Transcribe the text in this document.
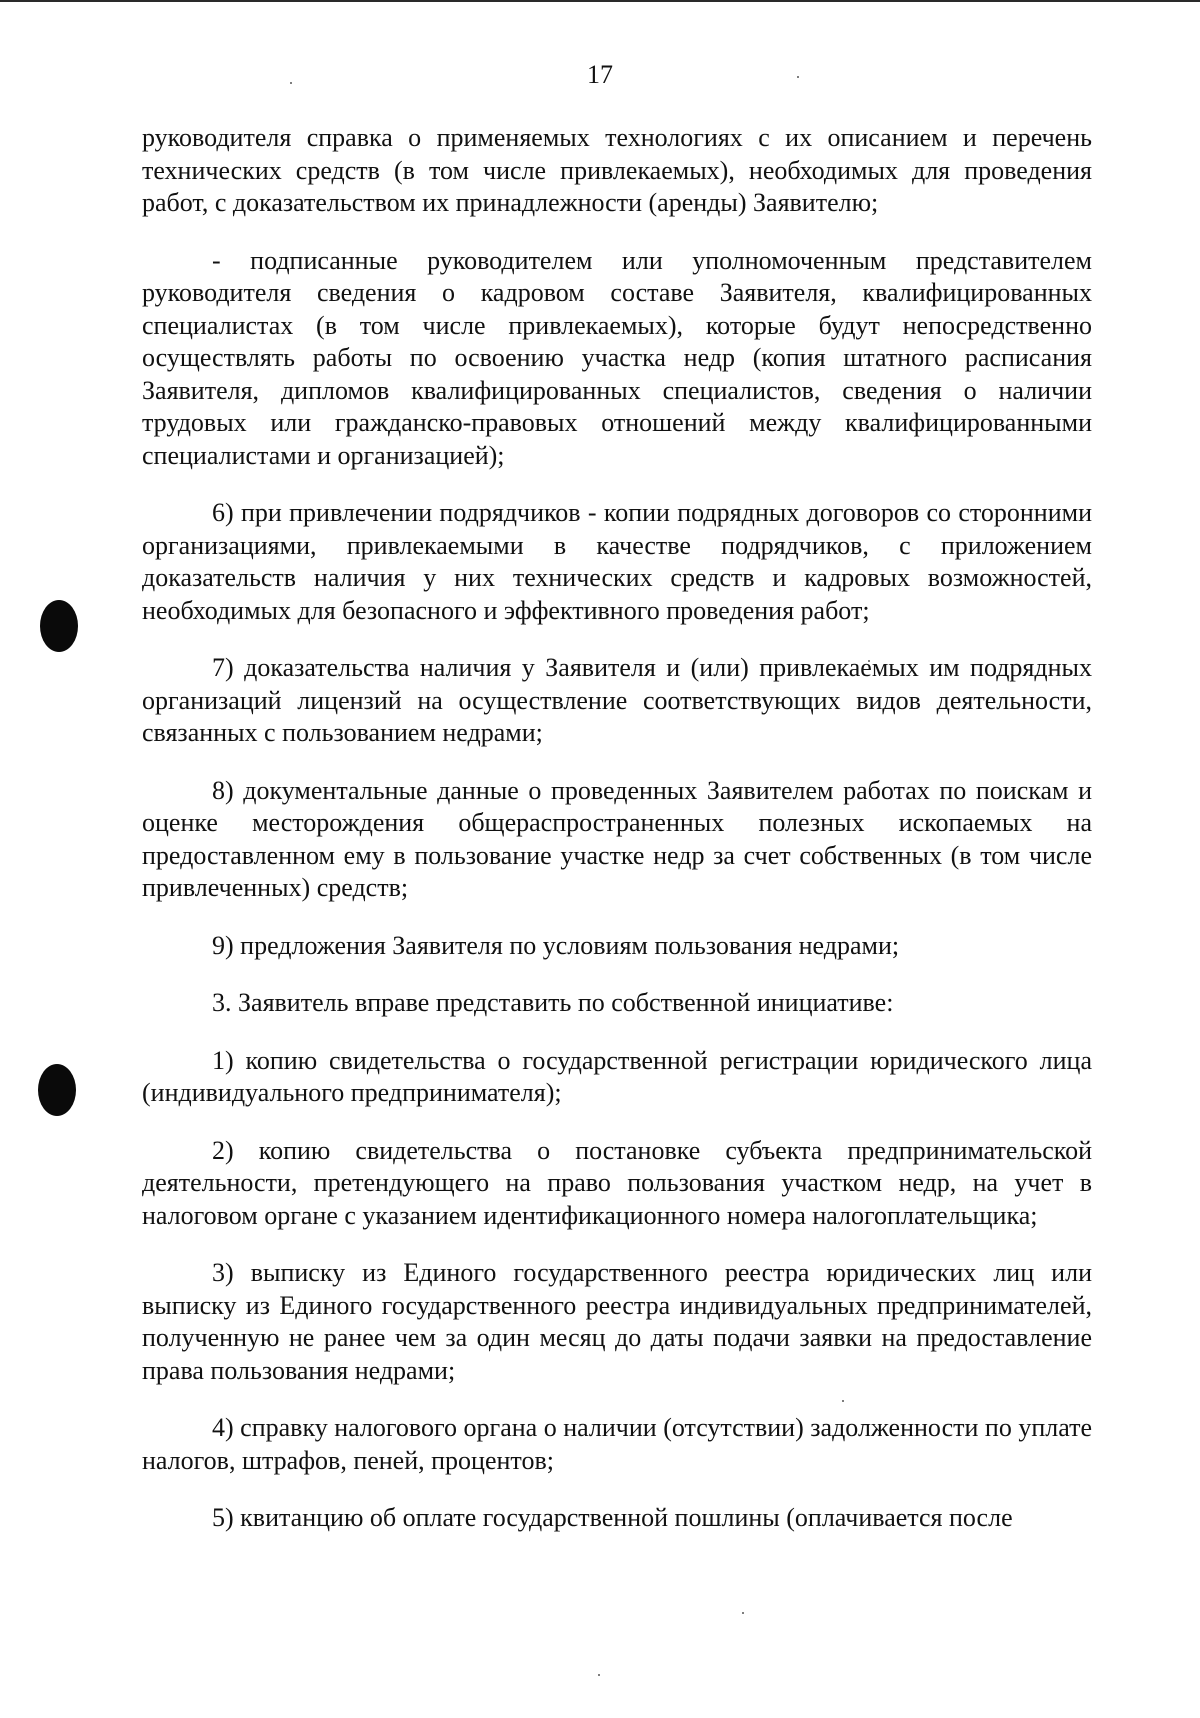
17

руководителя справка о применяемых технологиях с их описанием и перечень технических средств (в том числе привлекаемых), необходимых для проведения работ, с доказательством их принадлежности (аренды) Заявителю;

- подписанные руководителем или уполномоченным представителем руководителя сведения о кадровом составе Заявителя, квалифицированных специалистах (в том числе привлекаемых), которые будут непосредственно осуществлять работы по освоению участка недр (копия штатного расписания Заявителя, дипломов квалифицированных специалистов, сведения о наличии трудовых или гражданско-правовых отношений между квалифицированными специалистами и организацией);

6) при привлечении подрядчиков - копии подрядных договоров со сторонними организациями, привлекаемыми в качестве подрядчиков, с приложением доказательств наличия у них технических средств и кадровых возможностей, необходимых для безопасного и эффективного проведения работ;

7) доказательства наличия у Заявителя и (или) привлекаемых им подрядных организаций лицензий на осуществление соответствующих видов деятельности, связанных с пользованием недрами;

8) документальные данные о проведенных Заявителем работах по поискам и оценке месторождения общераспространенных полезных ископаемых на предоставленном ему в пользование участке недр за счет собственных (в том числе привлеченных) средств;

9) предложения Заявителя по условиям пользования недрами;

3. Заявитель вправе представить по собственной инициативе:

1) копию свидетельства о государственной регистрации юридического лица (индивидуального предпринимателя);

2) копию свидетельства о постановке субъекта предпринимательской деятельности, претендующего на право пользования участком недр, на учет в налоговом органе с указанием идентификационного номера налогоплательщика;

3) выписку из Единого государственного реестра юридических лиц или выписку из Единого государственного реестра индивидуальных предпринимателей, полученную не ранее чем за один месяц до даты подачи заявки на предоставление права пользования недрами;

4) справку налогового органа о наличии (отсутствии) задолженности по уплате налогов, штрафов, пеней, процентов;

5) квитанцию об оплате государственной пошлины (оплачивается после
